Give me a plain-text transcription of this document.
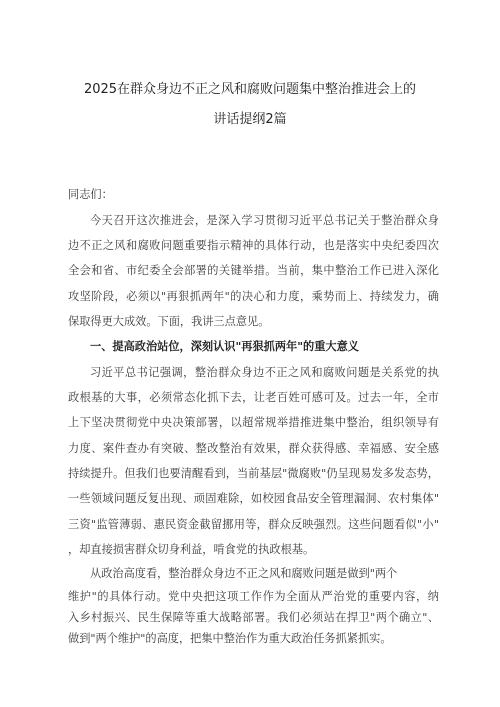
2025在群众身边不正之风和腐败问题集中整治推进会上的
讲话提纲2篇
同志们：
今天召开这次推进会，是深入学习贯彻习近平总书记关于整治群众身
边不正之风和腐败问题重要指示精神的具体行动，也是落实中央纪委四次
全会和省、市纪委全会部署的关键举措。当前，集中整治工作已进入深化
攻坚阶段，必须以"再狠抓两年"的决心和力度，乘势而上、持续发力，确
保取得更大成效。下面，我讲三点意见。
一、提高政治站位，深刻认识"再狠抓两年"的重大意义
习近平总书记强调，整治群众身边不正之风和腐败问题是关系党的执
政根基的大事，必须常态化抓下去，让老百姓可感可及。过去一年，全市
上下坚决贯彻党中央决策部署，以超常规举措推进集中整治，组织领导有
力度、案件查办有突破、整改整治有效果，群众获得感、幸福感、安全感
持续提升。但我们也要清醒看到，当前基层"微腐败"仍呈现易发多发态势，
一些领域问题反复出现、顽固难除，如校园食品安全管理漏洞、农村集体"
三资"监管薄弱、惠民资金截留挪用等，群众反映强烈。这些问题看似"小"
，却直接损害群众切身利益，啃食党的执政根基。
从政治高度看，整治群众身边不正之风和腐败问题是做到"两个
维护"的具体行动。党中央把这项工作作为全面从严治党的重要内容，纳
入乡村振兴、民生保障等重大战略部署。我们必须站在捍卫"两个确立"、
做到"两个维护"的高度，把集中整治作为重大政治任务抓紧抓实。
